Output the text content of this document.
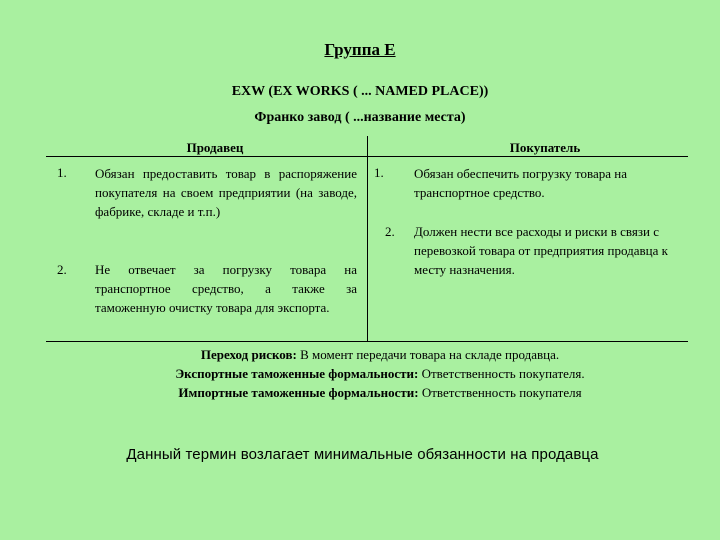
Группа E
EXW (EX WORKS ( ... NAMED PLACE))
Франко завод ( ...название места)
Продавец	Покупатель
1. Обязан предоставить товар в распоряжение покупателя на своем предприятии (на заводе, фабрике, складе и т.п.)
2. Не отвечает за погрузку товара на транспортное средство, а также за таможенную очистку товара для экспорта.
1. Обязан обеспечить погрузку товара на транспортное средство.
2. Должен нести все расходы и риски в связи с перевозкой товара от предприятия продавца к месту назначения.
Переход рисков: В момент передачи товара на складе продавца.
Экспортные таможенные формальности: Ответственность покупателя.
Импортные таможенные формальности: Ответственность покупателя
Данный термин возлагает минимальные обязанности на продавца
